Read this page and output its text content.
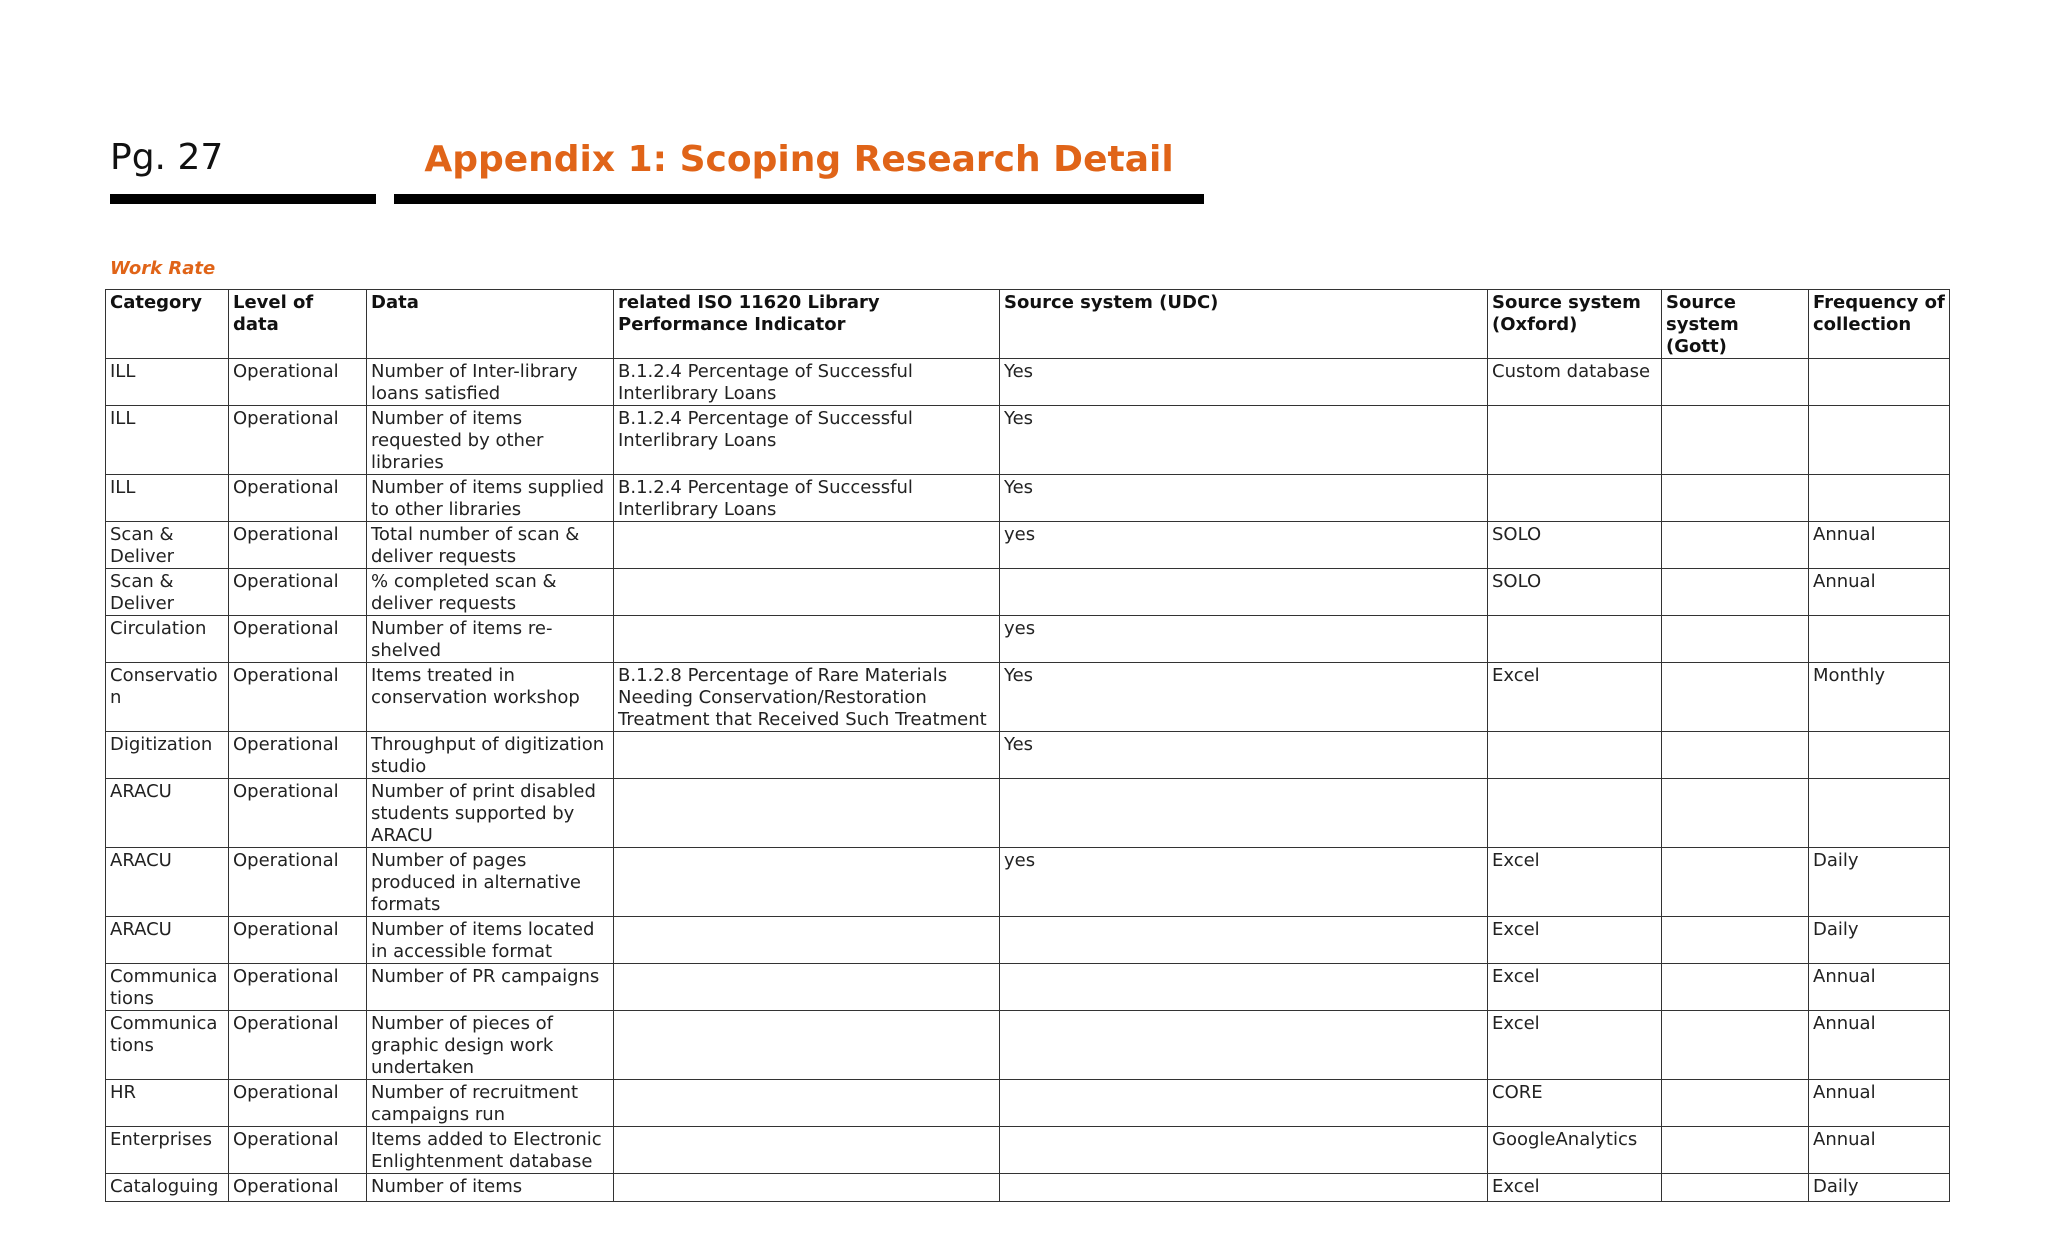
Pg. 27	Appendix 1: Scoping Research Detail
Work Rate
Category	Level of data	Data	related ISO 11620 Library Performance Indicator	Source system (UDC)	Source system (Oxford)	Source system (Gott)	Frequency of collection
ILL	Operational	Number of Inter-library loans satisfied	B.1.2.4 Percentage of Successful Interlibrary Loans	Yes	Custom database		
ILL	Operational	Number of items requested by other libraries	B.1.2.4 Percentage of Successful Interlibrary Loans	Yes			
ILL	Operational	Number of items supplied to other libraries	B.1.2.4 Percentage of Successful Interlibrary Loans	Yes			
Scan & Deliver	Operational	Total number of scan & deliver requests		yes	SOLO		Annual
Scan & Deliver	Operational	% completed scan & deliver requests			SOLO		Annual
Circulation	Operational	Number of items re-shelved		yes			
Conservation	Operational	Items treated in conservation workshop	B.1.2.8 Percentage of Rare Materials Needing Conservation/Restoration Treatment that Received Such Treatment	Yes	Excel		Monthly
Digitization	Operational	Throughput of digitization studio		Yes			
ARACU	Operational	Number of print disabled students supported by ARACU					
ARACU	Operational	Number of pages produced in alternative formats		yes	Excel		Daily
ARACU	Operational	Number of items located in accessible format			Excel		Daily
Communications	Operational	Number of PR campaigns			Excel		Annual
Communications	Operational	Number of pieces of graphic design work undertaken			Excel		Annual
HR	Operational	Number of recruitment campaigns run			CORE		Annual
Enterprises	Operational	Items added to Electronic Enlightenment database			GoogleAnalytics		Annual
Cataloguing	Operational	Number of items			Excel		Daily
